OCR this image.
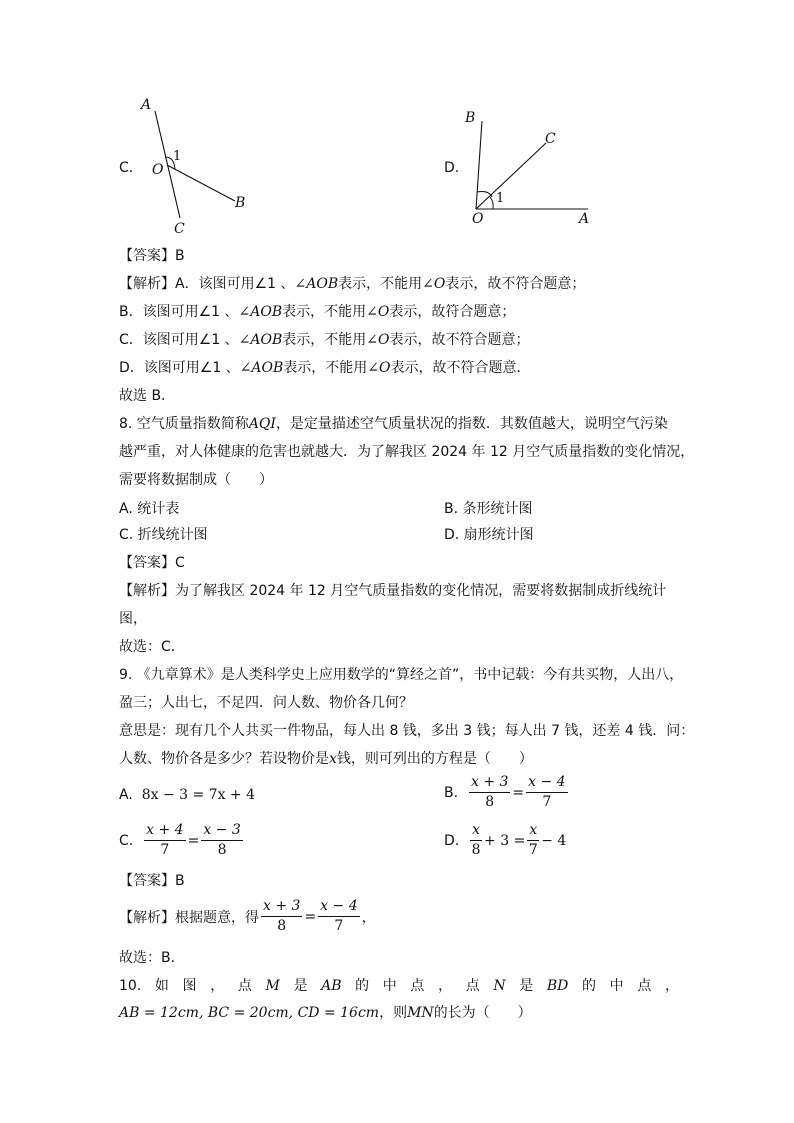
C.
A
O
1
B
C
D.
B
C
1
O	A
【答案】B
【解析】A．该图可用∠1 、∠AOB表示，不能用∠O表示，故不符合题意；
B．该图可用∠1 、∠AOB表示，不能用∠O表示，故符合题意；
C．该图可用∠1 、∠AOB表示，不能用∠O表示，故不符合题意；
D．该图可用∠1 、∠AOB表示，不能用∠O表示，故不符合题意．
故选 B．
8. 空气质量指数简称AQI，是定量描述空气质量状况的指数．其数值越大，说明空气污染
越严重，对人体健康的危害也就越大．为了解我区 2024 年 12 月空气质量指数的变化情况，
需要将数据制成（　　）
A. 统计表	B. 条形统计图
C. 折线统计图	D. 扇形统计图
【答案】C
【解析】为了解我区 2024 年 12 月空气质量指数的变化情况，需要将数据制成折线统计
图，
故选：C．
9. 《九章算术》是人类科学史上应用数学的“算经之首”，书中记载：今有共买物，人出八，
盈三；人出七，不足四．问人数、物价各几何？
意思是：现有几个人共买一件物品，每人出 8 钱，多出 3 钱；每人出 7 钱，还差 4 钱．问：
人数、物价各是多少？若设物价是x钱，则可列出的方程是（　　）
A. 8x − 3 = 7x + 4	B.
$\frac{x + 3}{8} = \frac{x - 4}{7}$
C.
$\frac{x + 4}{7} = \frac{x - 3}{8}$	D.
$\frac{x}{8} + 3 = \frac{x}{7} - 4$
【答案】B
【解析】 根据题意，得 $\frac{x + 3}{8} = \frac{x - 4}{7}$ ，
故选：B．
10. 如 图 ， 点 M 是 AB 的 中 点 ， 点 N 是 BD 的 中 点 ，
AB = 12cm, BC = 20cm, CD = 16cm，则MN的长为（　　）
